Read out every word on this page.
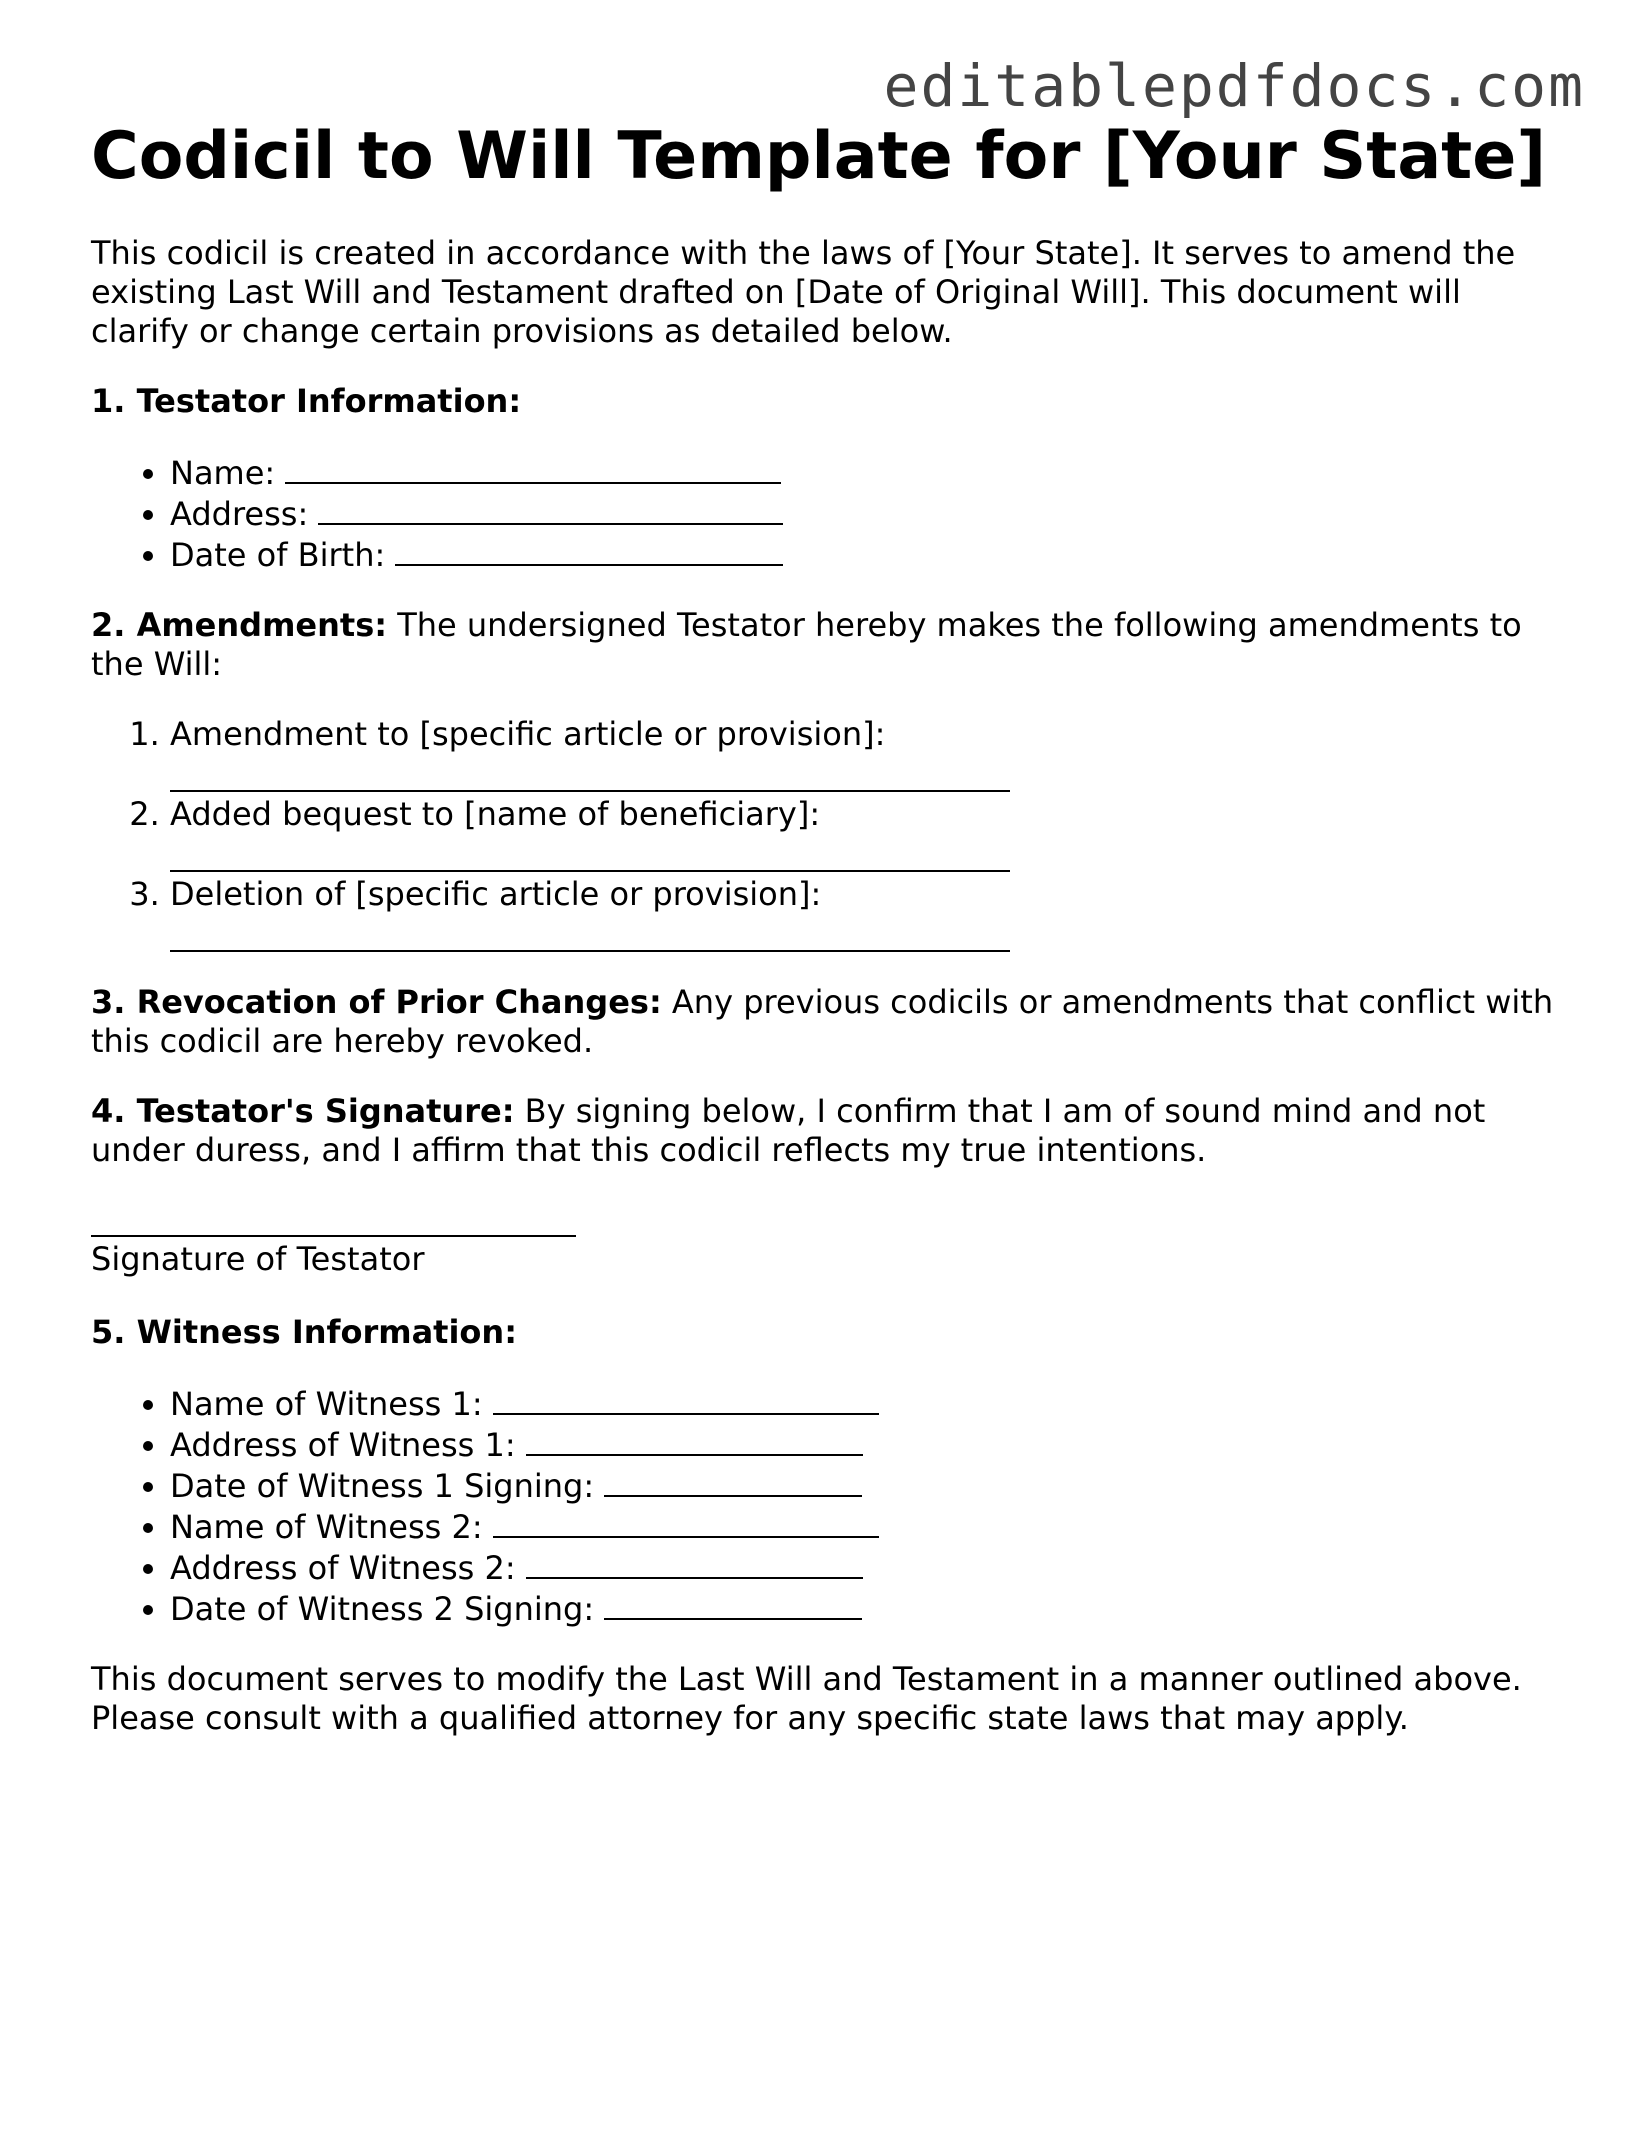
editablepdfdocs.com
Codicil to Will Template for [Your State]

This codicil is created in accordance with the laws of [Your State]. It serves to amend the existing Last Will and Testament drafted on [Date of Original Will]. This document will clarify or change certain provisions as detailed below.

1. Testator Information:

• Name:
• Address:
• Date of Birth:

2. Amendments: The undersigned Testator hereby makes the following amendments to the Will:

1. Amendment to [specific article or provision]:
2. Added bequest to [name of beneficiary]:
3. Deletion of [specific article or provision]:

3. Revocation of Prior Changes: Any previous codicils or amendments that conflict with this codicil are hereby revoked.

4. Testator's Signature: By signing below, I confirm that I am of sound mind and not under duress, and I affirm that this codicil reflects my true intentions.

Signature of Testator

5. Witness Information:

• Name of Witness 1:
• Address of Witness 1:
• Date of Witness 1 Signing:
• Name of Witness 2:
• Address of Witness 2:
• Date of Witness 2 Signing:

This document serves to modify the Last Will and Testament in a manner outlined above. Please consult with a qualified attorney for any specific state laws that may apply.
